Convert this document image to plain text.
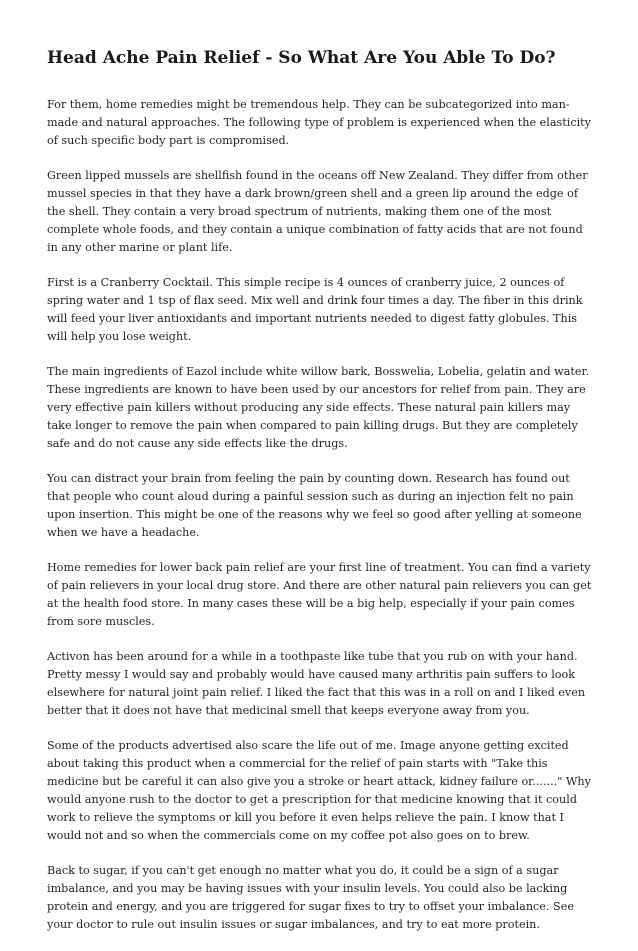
Head Ache Pain Relief - So What Are You Able To Do?

For them, home remedies might be tremendous help. They can be subcategorized into man-made and natural approaches. The following type of problem is experienced when the elasticity of such specific body part is compromised.

Green lipped mussels are shellfish found in the oceans off New Zealand. They differ from other mussel species in that they have a dark brown/green shell and a green lip around the edge of the shell. They contain a very broad spectrum of nutrients, making them one of the most complete whole foods, and they contain a unique combination of fatty acids that are not found in any other marine or plant life.

First is a Cranberry Cocktail. This simple recipe is 4 ounces of cranberry juice, 2 ounces of spring water and 1 tsp of flax seed. Mix well and drink four times a day. The fiber in this drink will feed your liver antioxidants and important nutrients needed to digest fatty globules. This will help you lose weight.

The main ingredients of Eazol include white willow bark, Bosswelia, Lobelia, gelatin and water. These ingredients are known to have been used by our ancestors for relief from pain. They are very effective pain killers without producing any side effects. These natural pain killers may take longer to remove the pain when compared to pain killing drugs. But they are completely safe and do not cause any side effects like the drugs.

You can distract your brain from feeling the pain by counting down. Research has found out that people who count aloud during a painful session such as during an injection felt no pain upon insertion. This might be one of the reasons why we feel so good after yelling at someone when we have a headache.

Home remedies for lower back pain relief are your first line of treatment. You can find a variety of pain relievers in your local drug store. And there are other natural pain relievers you can get at the health food store. In many cases these will be a big help, especially if your pain comes from sore muscles.

Activon has been around for a while in a toothpaste like tube that you rub on with your hand. Pretty messy I would say and probably would have caused many arthritis pain suffers to look elsewhere for natural joint pain relief. I liked the fact that this was in a roll on and I liked even better that it does not have that medicinal smell that keeps everyone away from you.

Some of the products advertised also scare the life out of me. Image anyone getting excited about taking this product when a commercial for the relief of pain starts with "Take this medicine but be careful it can also give you a stroke or heart attack, kidney failure or......." Why would anyone rush to the doctor to get a prescription for that medicine knowing that it could work to relieve the symptoms or kill you before it even helps relieve the pain. I know that I would not and so when the commercials come on my coffee pot also goes on to brew.

Back to sugar, if you can't get enough no matter what you do, it could be a sign of a sugar imbalance, and you may be having issues with your insulin levels. You could also be lacking protein and energy, and you are triggered for sugar fixes to try to offset your imbalance. See your doctor to rule out insulin issues or sugar imbalances, and try to eat more protein.
